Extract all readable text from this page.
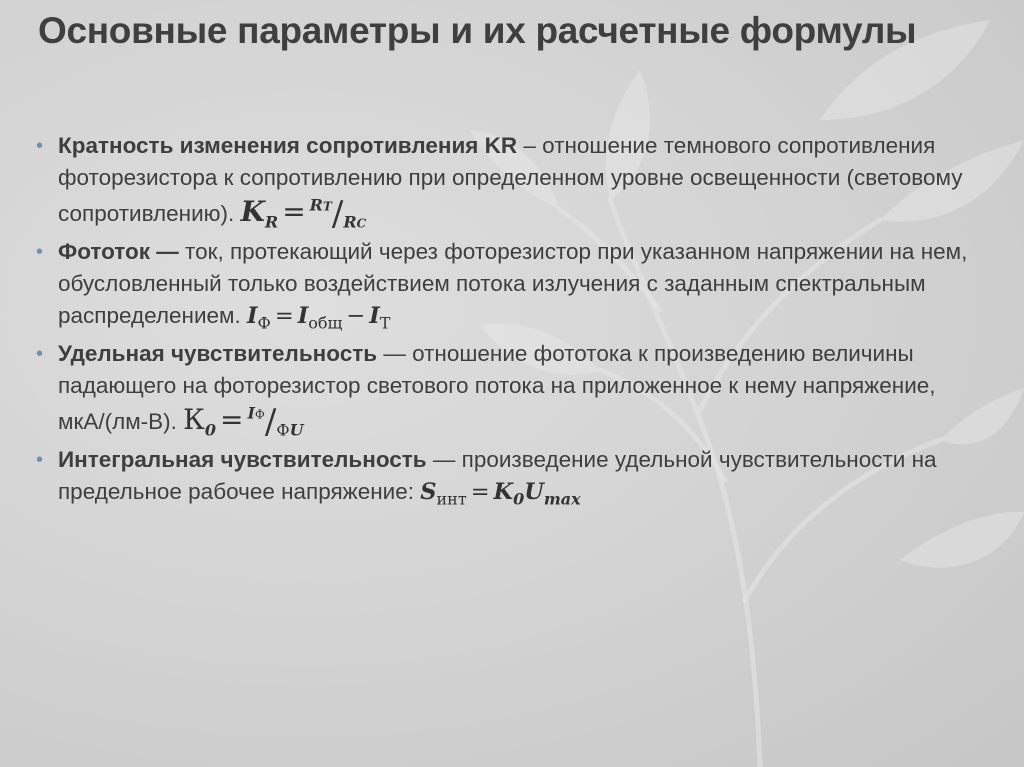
Основные параметры и их расчетные формулы
• Кратность изменения сопротивления KR – отношение темнового сопротивления фоторезистора к сопротивлению при определенном уровне освещенности (световому сопротивлению). $K_R = ^{RT}/_{RC}$
• Фототок — ток, протекающий через фоторезистор при указанном напряжении на нем, обусловленный только воздействием потока излучения с заданным спектральным распределением. $I_Ф = I_{общ} - I_Т$
• Удельная чувствительность — отношение фототока к произведению величины падающего на фоторезистор светового потока на приложенное к нему напряжение, мкА/(лм-В). $К_0 = ^{IФ}/_{ФU}$
• Интегральная чувствительность — произведение удельной чувствительности на предельное рабочее напряжение: $S_{инт} = K_0U_{max}$
